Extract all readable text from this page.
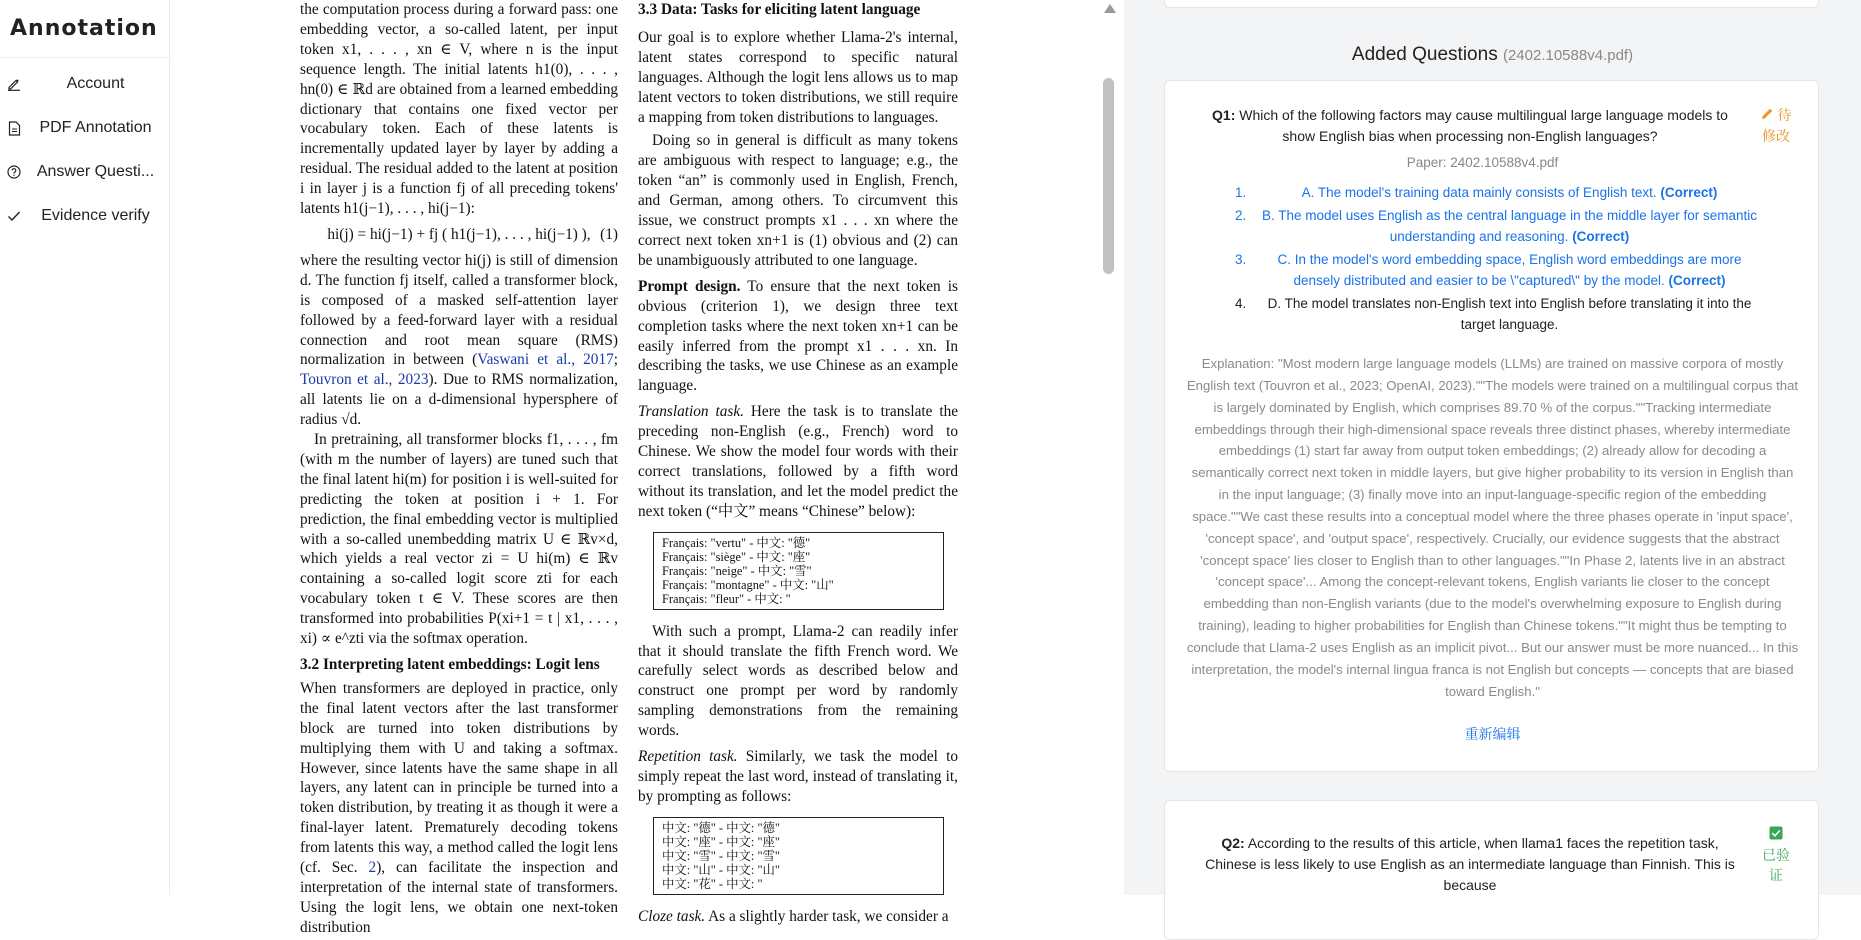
Annotation
Account
PDF Annotation
Answer Questi...
Evidence verify

the computation process during a forward pass: one embedding vector, a so-called latent, per input token x1, . . . , xn ∈ V, where n is the input sequence length. The initial latents h1(0), . . . , hn(0) ∈ ℝd are obtained from a learned embedding dictionary that contains one fixed vector per vocabulary token. Each of these latents is incrementally updated layer by layer by adding a residual. The residual added to the latent at position i in layer j is a function fj of all preceding tokens' latents h1(j−1), . . . , hi(j−1):

hi(j) = hi(j−1) + fj ( h1(j−1), . . . , hi(j−1) ), (1)

where the resulting vector hi(j) is still of dimension d. The function fj itself, called a transformer block, is composed of a masked self-attention layer followed by a feed-forward layer with a residual connection and root mean square (RMS) normalization in between (Vaswani et al., 2017; Touvron et al., 2023). Due to RMS normalization, all latents lie on a d-dimensional hypersphere of radius √d.

In pretraining, all transformer blocks f1, . . . , fm (with m the number of layers) are tuned such that the final latent hi(m) for position i is well-suited for predicting the token at position i + 1. For prediction, the final embedding vector is multiplied with a so-called unembedding matrix U ∈ ℝv×d, which yields a real vector zi = U hi(m) ∈ ℝv containing a so-called logit score zti for each vocabulary token t ∈ V. These scores are then transformed into probabilities P(xi+1 = t | x1, . . . , xi) ∝ e^zti via the softmax operation.

3.2 Interpreting latent embeddings: Logit lens

When transformers are deployed in practice, only the final latent vectors after the last transformer block are turned into token distributions by multiplying them with U and taking a softmax. However, since latents have the same shape in all layers, any latent can in principle be turned into a token distribution, by treating it as though it were a final-layer latent. Prematurely decoding tokens from latents this way, a method called the logit lens (cf. Sec. 2), can facilitate the inspection and interpretation of the internal state of transformers. Using the logit lens, we obtain one next-token distribution

3.3 Data: Tasks for eliciting latent language

Our goal is to explore whether Llama-2's internal, latent states correspond to specific natural languages. Although the logit lens allows us to map latent vectors to token distributions, we still require a mapping from token distributions to languages.

Doing so in general is difficult as many tokens are ambiguous with respect to language; e.g., the token “an” is commonly used in English, French, and German, among others. To circumvent this issue, we construct prompts x1 . . . xn where the correct next token xn+1 is (1) obvious and (2) can be unambiguously attributed to one language.

Prompt design. To ensure that the next token is obvious (criterion 1), we design three text completion tasks where the next token xn+1 can be easily inferred from the prompt x1 . . . xn. In describing the tasks, we use Chinese as an example language.

Translation task. Here the task is to translate the preceding non-English (e.g., French) word to Chinese. We show the model four words with their correct translations, followed by a fifth word without its translation, and let the model predict the next token (“中文” means “Chinese” below):

Français: "vertu" - 中文: "德"
Français: "siège" - 中文: "座"
Français: "neige" - 中文: "雪"
Français: "montagne" - 中文: "山"
Français: "fleur" - 中文: "

With such a prompt, Llama-2 can readily infer that it should translate the fifth French word. We carefully select words as described below and construct one prompt per word by randomly sampling demonstrations from the remaining words.

Repetition task. Similarly, we task the model to simply repeat the last word, instead of translating it, by prompting as follows:

中文: "德" - 中文: "德"
中文: "座" - 中文: "座"
中文: "雪" - 中文: "雪"
中文: "山" - 中文: "山"
中文: "花" - 中文: "

Cloze task. As a slightly harder task, we consider a

Added Questions (2402.10588v4.pdf)
Q1: Which of the following factors may cause multilingual large language models to show English bias when processing non-English languages?
待修改
Paper: 2402.10588v4.pdf
1.	A. The model's training data mainly consists of English text. (Correct)
2.	B. The model uses English as the central language in the middle layer for semantic understanding and reasoning. (Correct)
3.	C. In the model's word embedding space, English word embeddings are more densely distributed and easier to be \"captured\" by the model. (Correct)
4.	D. The model translates non-English text into English before translating it into the target language.
Explanation: "Most modern large language models (LLMs) are trained on massive corpora of mostly English text (Touvron et al., 2023; OpenAI, 2023).""The models were trained on a multilingual corpus that is largely dominated by English, which comprises 89.70 % of the corpus.""Tracking intermediate embeddings through their high-dimensional space reveals three distinct phases, whereby intermediate embeddings (1) start far away from output token embeddings; (2) already allow for decoding a semantically correct next token in middle layers, but give higher probability to its version in English than in the input language; (3) finally move into an input-language-specific region of the embedding space.""We cast these results into a conceptual model where the three phases operate in 'input space', 'concept space', and 'output space', respectively. Crucially, our evidence suggests that the abstract 'concept space' lies closer to English than to other languages.""In Phase 2, latents live in an abstract 'concept space'... Among the concept-relevant tokens, English variants lie closer to the concept embedding than non-English variants (due to the model's overwhelming exposure to English during training), leading to higher probabilities for English than Chinese tokens.""It might thus be tempting to conclude that Llama-2 uses English as an implicit pivot... But our answer must be more nuanced... In this interpretation, the model's internal lingua franca is not English but concepts — concepts that are biased toward English."
重新编辑
Q2: According to the results of this article, when llama1 faces the repetition task, Chinese is less likely to use English as an intermediate language than Finnish. This is because

已验证
